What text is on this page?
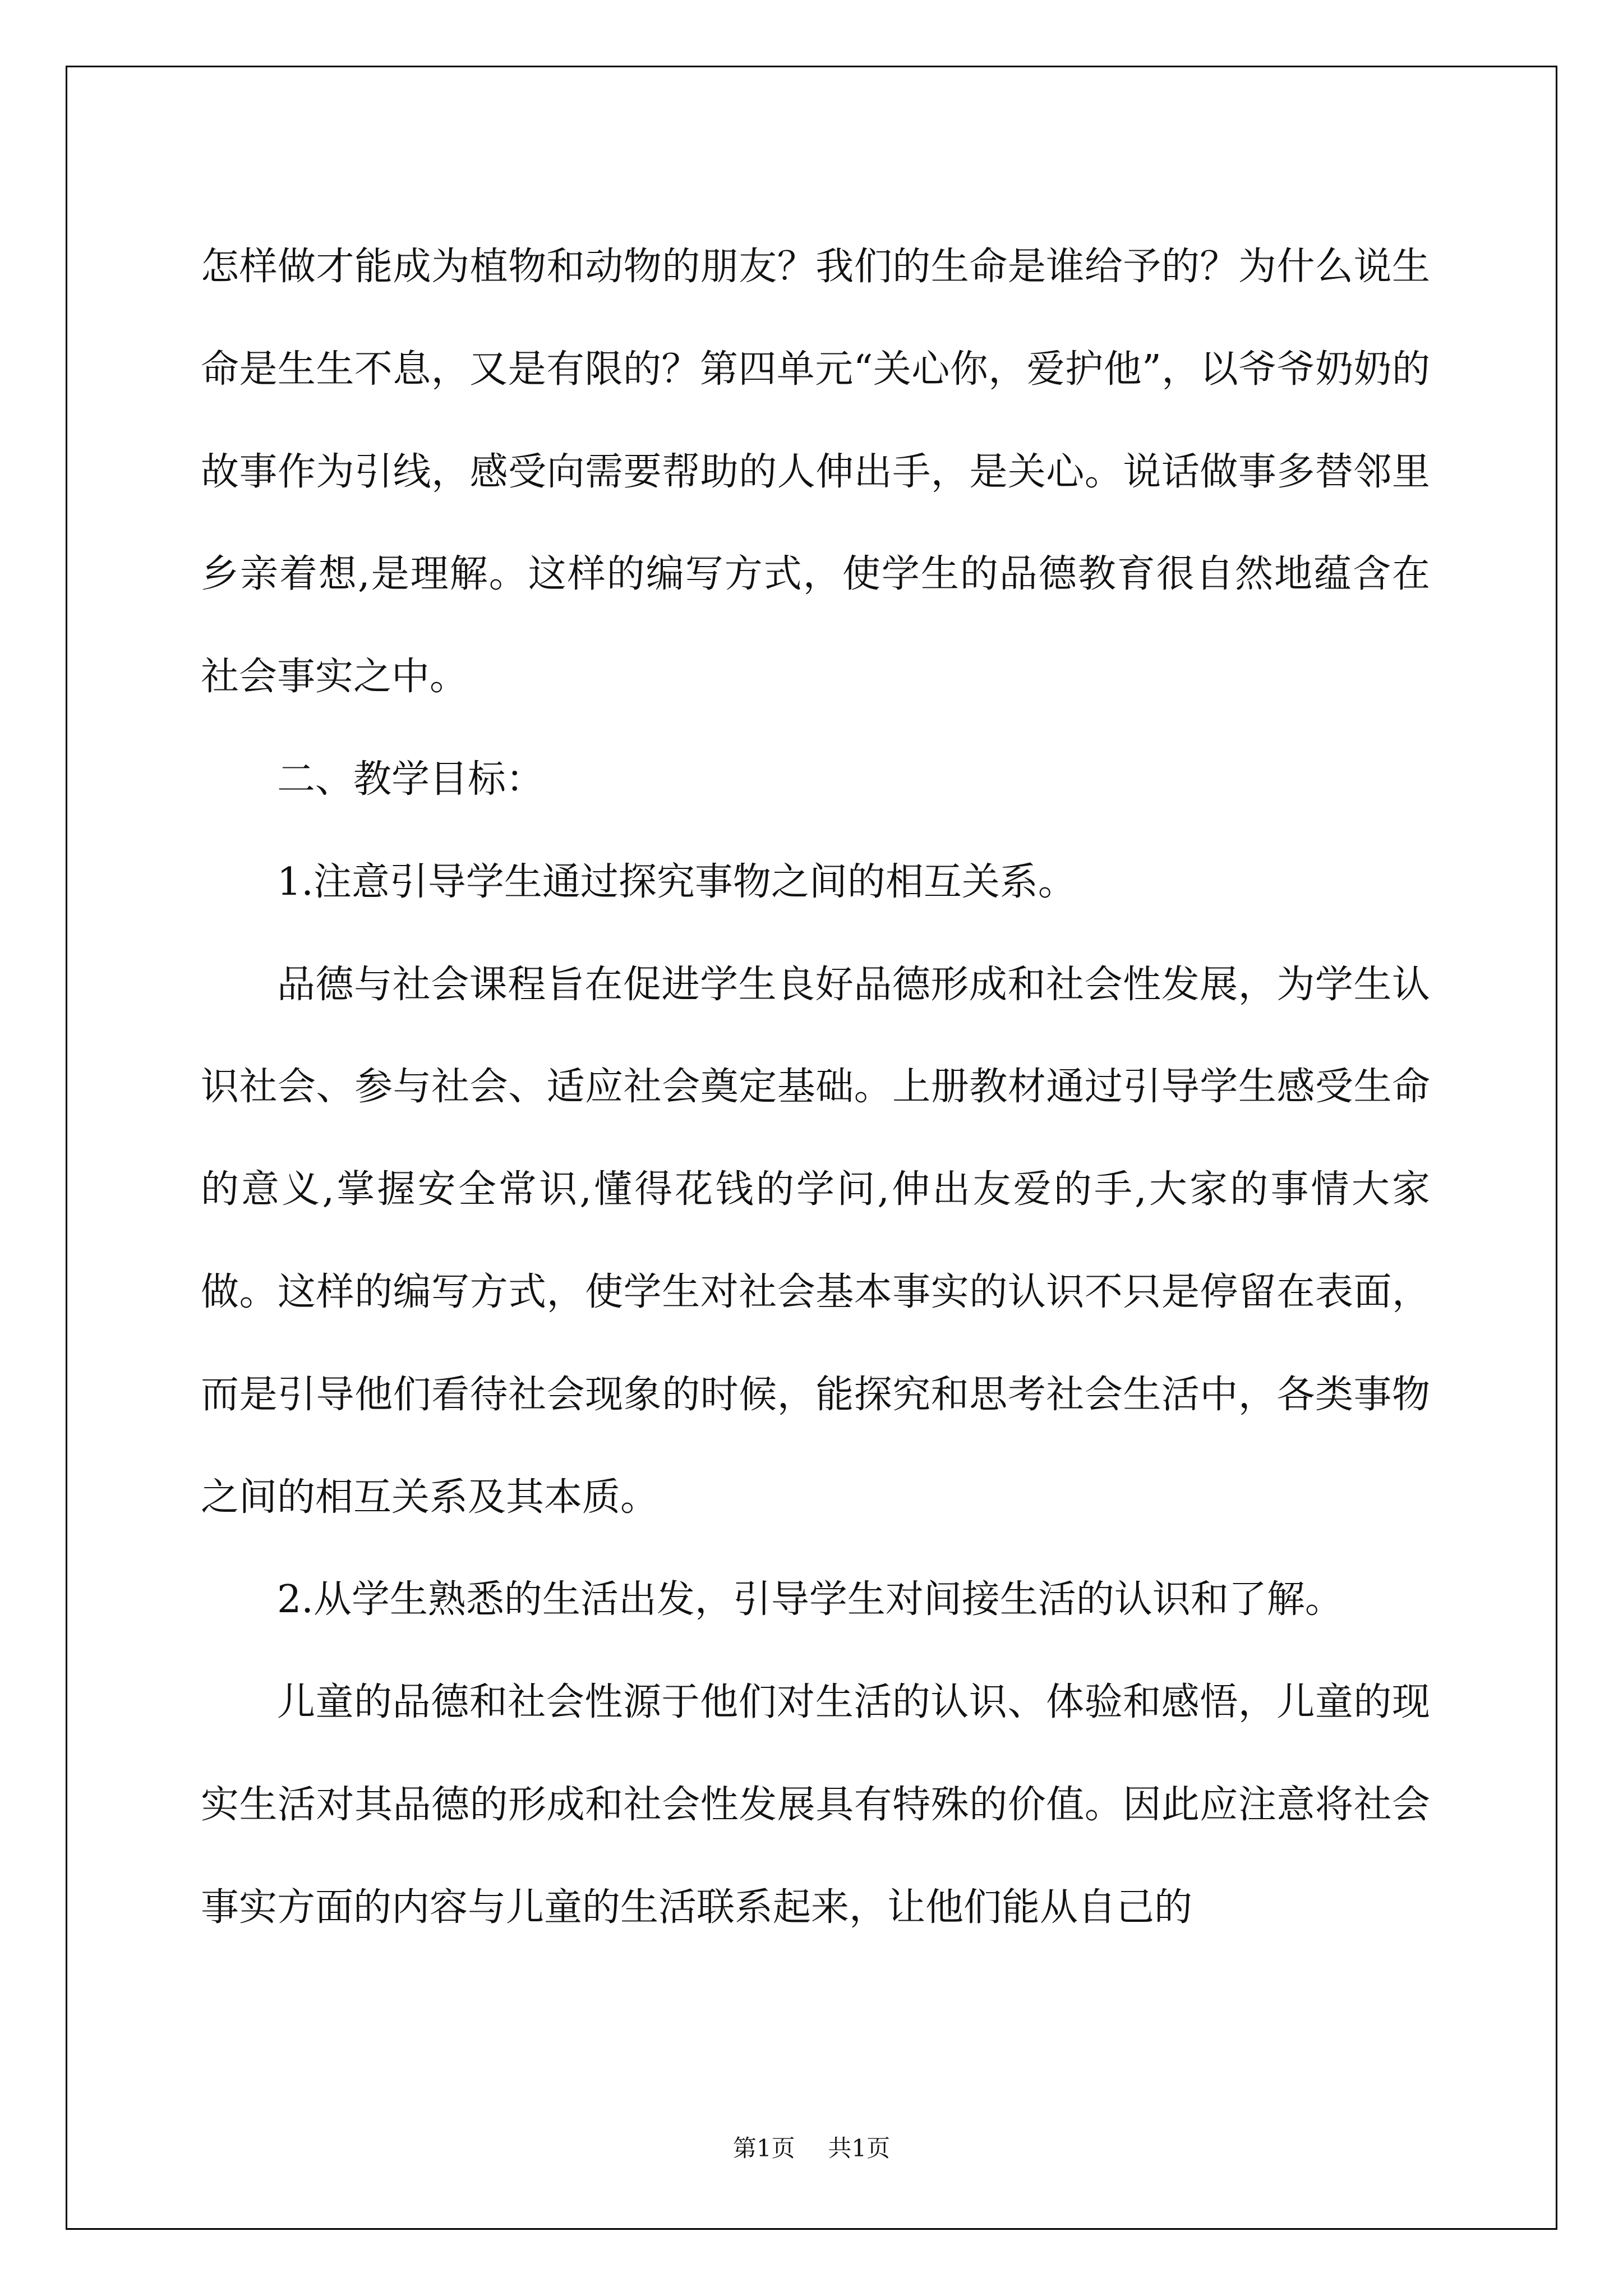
怎样做才能成为植物和动物的朋友？我们的生命是谁给予的？为什么说生命是生生不息，又是有限的？第四单元“关心你，爱护他”，以爷爷奶奶的故事作为引线，感受向需要帮助的人伸出手，是关心。说话做事多替邻里乡亲着想,是理解。这样的编写方式，使学生的品德教育很自然地蕴含在社会事实之中。

二、教学目标：

1.注意引导学生通过探究事物之间的相互关系。

品德与社会课程旨在促进学生良好品德形成和社会性发展，为学生认识社会、参与社会、适应社会奠定基础。上册教材通过引导学生感受生命的意义,掌握安全常识,懂得花钱的学问,伸出友爱的手,大家的事情大家做。这样的编写方式，使学生对社会基本事实的认识不只是停留在表面，而是引导他们看待社会现象的时候，能探究和思考社会生活中，各类事物之间的相互关系及其本质。

2.从学生熟悉的生活出发，引导学生对间接生活的认识和了解。

儿童的品德和社会性源于他们对生活的认识、体验和感悟，儿童的现实生活对其品德的形成和社会性发展具有特殊的价值。因此应注意将社会事实方面的内容与儿童的生活联系起来，让他们能从自己的

第1页 共1页
